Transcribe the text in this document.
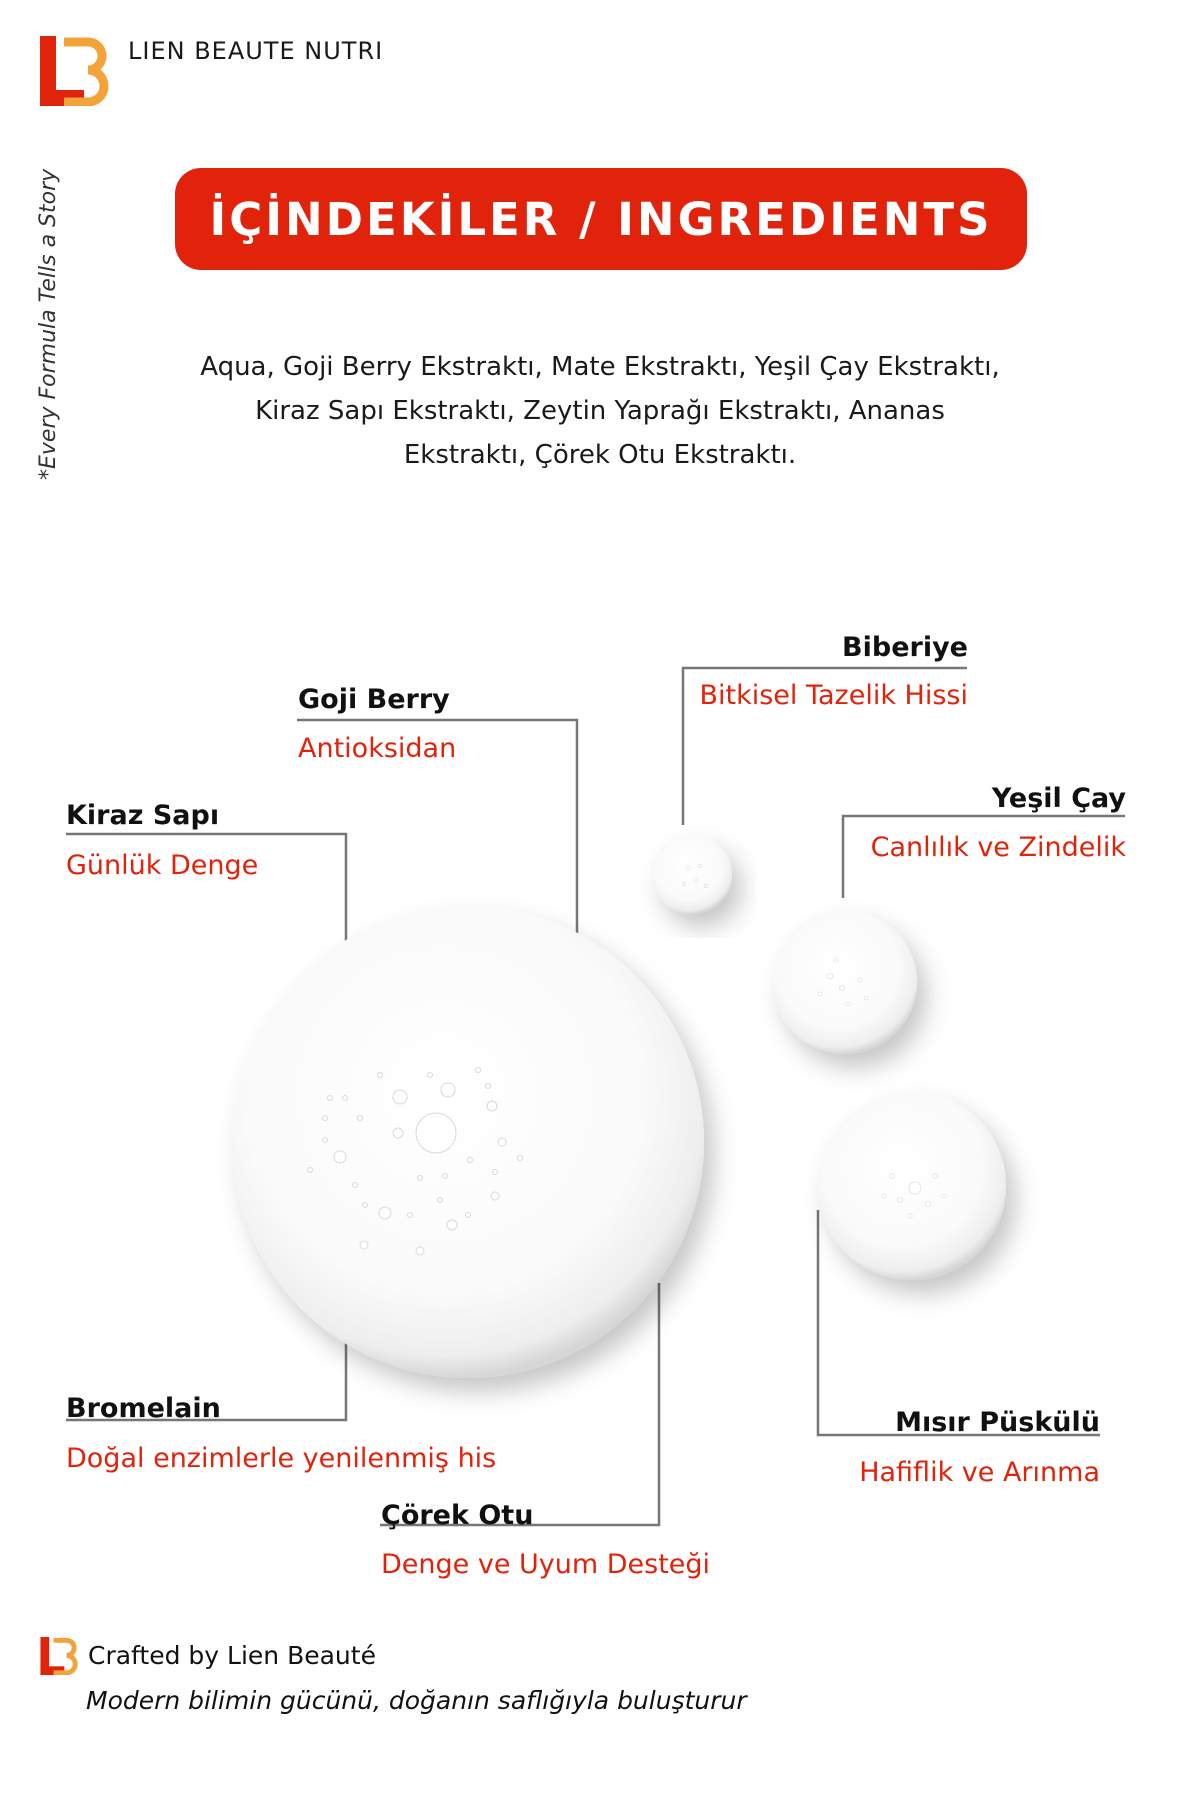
LIEN BEAUTE NUTRI
*Every Formula Tells a Story	İÇİNDEKİLER / INGREDIENTS
Aqua, Goji Berry Ekstraktı, Mate Ekstraktı, Yeşil Çay Ekstraktı,
Kiraz Sapı Ekstraktı, Zeytin Yaprağı Ekstraktı, Ananas
Ekstraktı, Çörek Otu Ekstraktı.
Goji Berry
Antioksidan
Kiraz Sapı
Günlük Denge
Biberiye
Bitkisel Tazelik Hissi
Yeşil Çay
Canlılık ve Zindelik
Bromelain
Doğal enzimlerle yenilenmiş his
Çörek Otu
Denge ve Uyum Desteği
Mısır Püskülü
Hafiflik ve Arınma
Crafted by Lien Beauté
Modern bilimin gücünü, doğanın saflığıyla buluşturur
